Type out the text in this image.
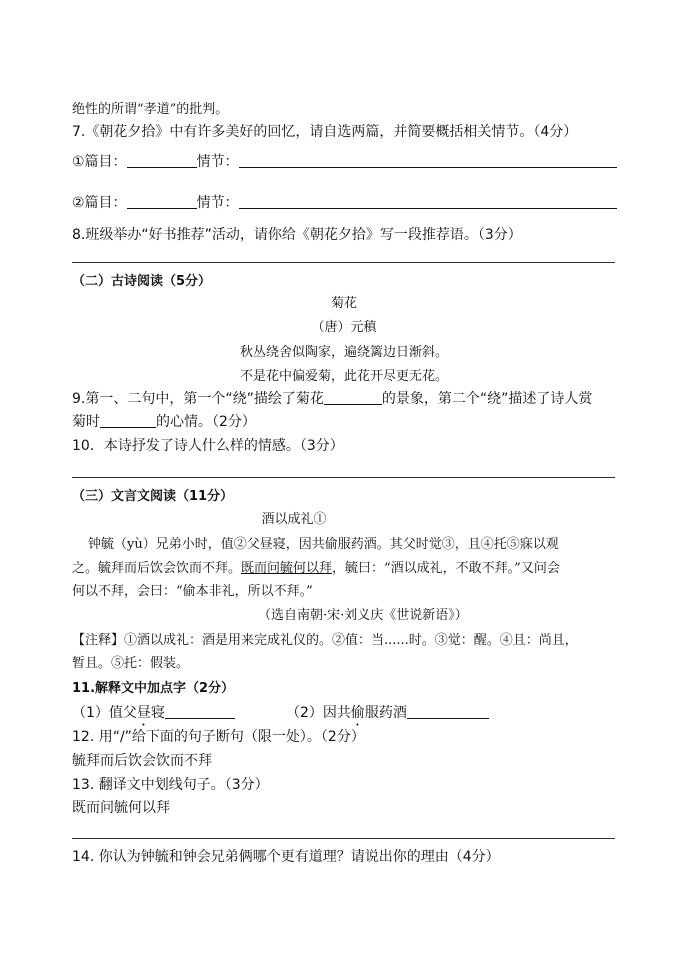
绝性的所谓“孝道”的批判。
7.《朝花夕拾》中有许多美好的回忆，请自选两篇，并简要概括相关情节。（4分）
①篇目：	情节：
②篇目：	情节：
8.班级举办“好书推荐”活动，请你给《朝花夕拾》写一段推荐语。（3分）
（二）古诗阅读（5分）
菊花
（唐）元稹
秋丛绕舍似陶家，遍绕篱边日渐斜。
不是花中偏爱菊，此花开尽更无花。
9.第一、二句中，第一个“绕”描绘了菊花	的景象，第二个“绕”描述了诗人赏
菊时	的心情。（2分）
10．本诗抒发了诗人什么样的情感。（3分）
（三）文言文阅读（11分）
酒以成礼①
钟毓（yù）兄弟小时，值②父昼寝，因共偷服药酒。其父时觉③，且④托⑤寐以观
之。毓拜而后饮会饮而不拜。既而问毓何以拜，毓曰：“酒以成礼，不敢不拜。”又问会
何以不拜，会曰：“偷本非礼，所以不拜。”
（选自南朝·宋·刘义庆《世说新语》）
【注释】①酒以成礼：酒是用来完成礼仪的。②值：当......时。③觉：醒。④且：尚且，
暂且。⑤托：假装。
11.解释文中加点字（2分）
（1）值父昼寝	（2）因共偷服药酒
12. 用“/”给下面的句子断句（限一处）。（2分）
毓拜而后饮会饮而不拜
13. 翻译文中划线句子。（3分）
既而问毓何以拜
14. 你认为钟毓和钟会兄弟俩哪个更有道理？请说出你的理由（4分）
